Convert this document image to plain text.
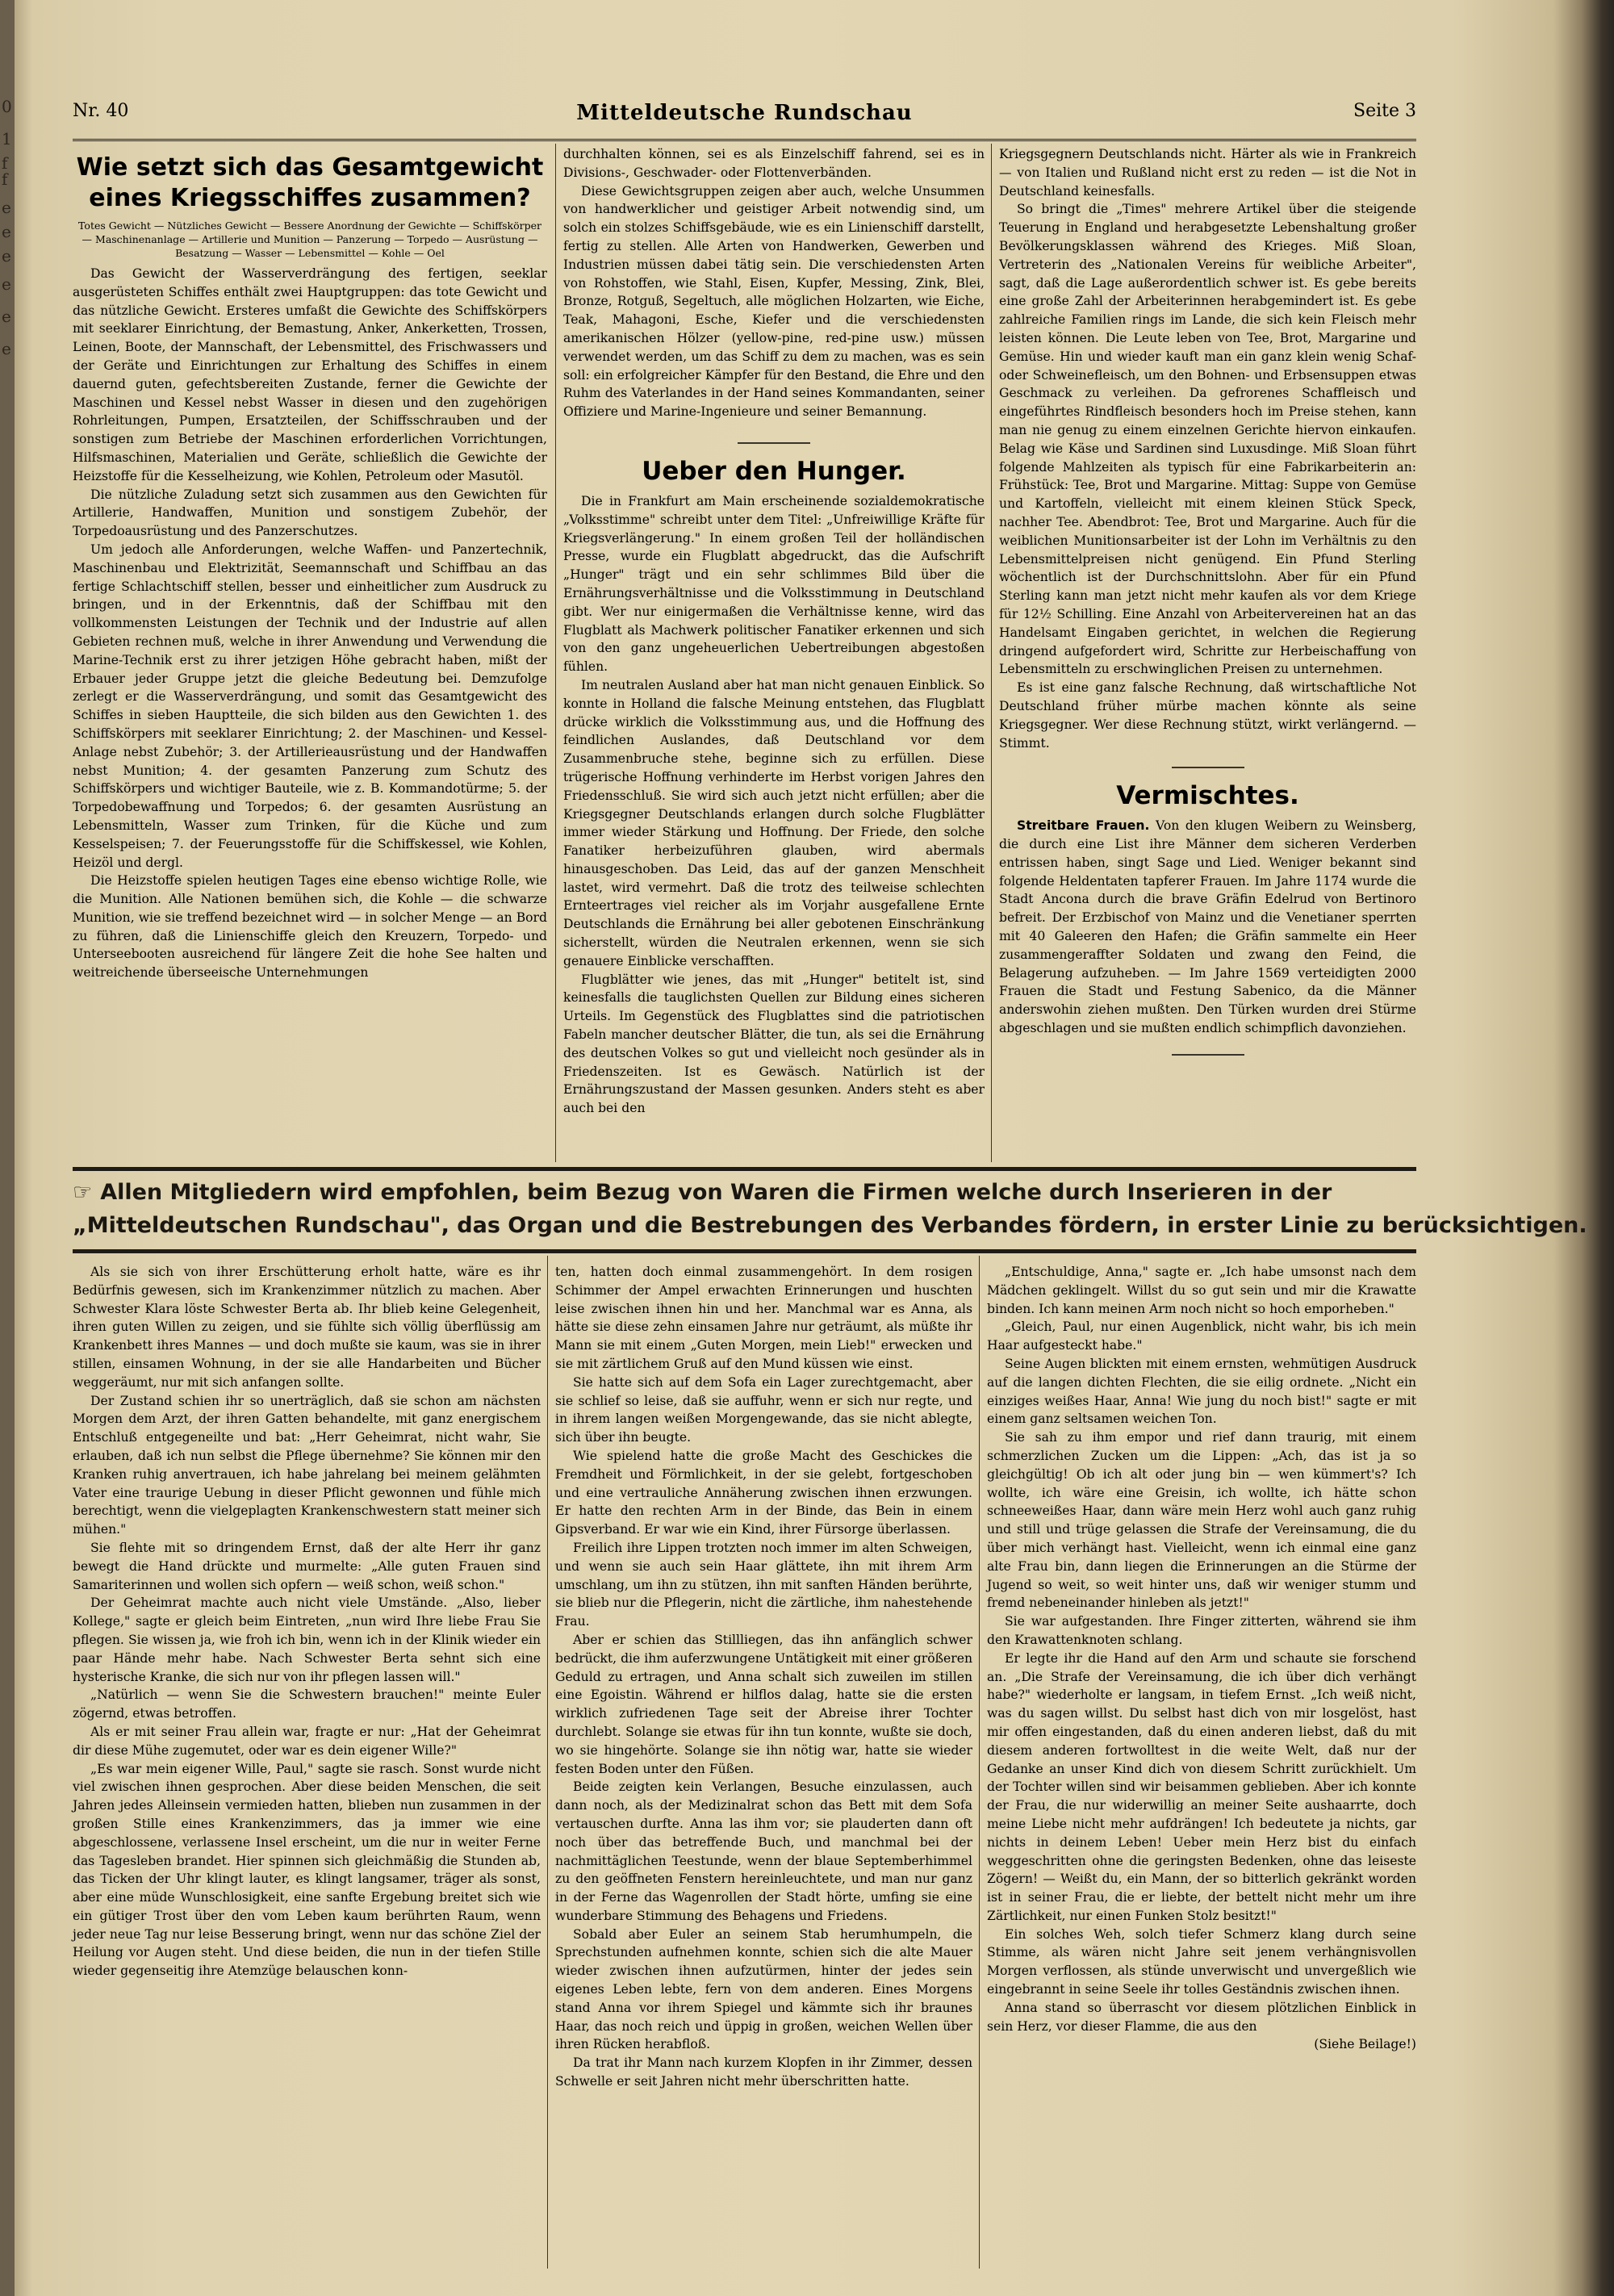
0
1
f
f
e
e
e
e
e
e
Nr. 40	Mitteldeutsche Rundschau	Seite 3
Wie setzt sich das Gesamtgewicht eines Kriegsschiffes zusammen?
Totes Gewicht — Nützliches Gewicht — Bessere Anordnung der Gewichte — Schiffskörper — Maschinenanlage — Artillerie und Munition — Panzerung — Torpedo — Ausrüstung — Besatzung — Wasser — Lebensmittel — Kohle — Oel

Das Gewicht der Wasserverdrängung des fertigen, seeklar ausgerüsteten Schiffes enthält zwei Hauptgruppen: das tote Gewicht und das nützliche Gewicht. Ersteres umfaßt die Gewichte des Schiffskörpers mit seeklarer Einrichtung, der Bemastung, Anker, Ankerketten, Trossen, Leinen, Boote, der Mannschaft, der Lebensmittel, des Frischwassers und der Geräte und Einrichtungen zur Erhaltung des Schiffes in einem dauernd guten, gefechtsbereiten Zustande, ferner die Gewichte der Maschinen und Kessel nebst Wasser in diesen und den zugehörigen Rohrleitungen, Pumpen, Ersatzteilen, der Schiffsschrauben und der sonstigen zum Betriebe der Maschinen erforderlichen Vorrichtungen, Hilfsmaschinen, Materialien und Geräte, schließlich die Gewichte der Heizstoffe für die Kesselheizung, wie Kohlen, Petroleum oder Masutöl.

Die nützliche Zuladung setzt sich zusammen aus den Gewichten für Artillerie, Handwaffen, Munition und sonstigem Zubehör, der Torpedoausrüstung und des Panzerschutzes.

Um jedoch alle Anforderungen, welche Waffen- und Panzertechnik, Maschinenbau und Elektrizität, Seemannschaft und Schiffbau an das fertige Schlachtschiff stellen, besser und einheitlicher zum Ausdruck zu bringen, und in der Erkenntnis, daß der Schiffbau mit den vollkommensten Leistungen der Technik und der Industrie auf allen Gebieten rechnen muß, welche in ihrer Anwendung und Verwendung die Marine-Technik erst zu ihrer jetzigen Höhe gebracht haben, mißt der Erbauer jeder Gruppe jetzt die gleiche Bedeutung bei. Demzufolge zerlegt er die Wasserverdrängung, und somit das Gesamtgewicht des Schiffes in sieben Hauptteile, die sich bilden aus den Gewichten 1. des Schiffskörpers mit seeklarer Einrichtung; 2. der Maschinen- und Kessel-Anlage nebst Zubehör; 3. der Artillerieausrüstung und der Handwaffen nebst Munition; 4. der gesamten Panzerung zum Schutz des Schiffskörpers und wichtiger Bauteile, wie z. B. Kommandotürme; 5. der Torpedobewaffnung und Torpedos; 6. der gesamten Ausrüstung an Lebensmitteln, Wasser zum Trinken, für die Küche und zum Kesselspeisen; 7. der Feuerungsstoffe für die Schiffskessel, wie Kohlen, Heizöl und dergl.

Die Heizstoffe spielen heutigen Tages eine ebenso wichtige Rolle, wie die Munition. Alle Nationen bemühen sich, die Kohle — die schwarze Munition, wie sie treffend bezeichnet wird — in solcher Menge — an Bord zu führen, daß die Linienschiffe gleich den Kreuzern, Torpedo- und Unterseebooten ausreichend für längere Zeit die hohe See halten und weitreichende überseeische Unternehmungen

durchhalten können, sei es als Einzelschiff fahrend, sei es in Divisions-, Geschwader- oder Flottenverbänden.

Diese Gewichtsgruppen zeigen aber auch, welche Unsummen von handwerklicher und geistiger Arbeit notwendig sind, um solch ein stolzes Schiffsgebäude, wie es ein Linienschiff darstellt, fertig zu stellen. Alle Arten von Handwerken, Gewerben und Industrien müssen dabei tätig sein. Die verschiedensten Arten von Rohstoffen, wie Stahl, Eisen, Kupfer, Messing, Zink, Blei, Bronze, Rotguß, Segeltuch, alle möglichen Holzarten, wie Eiche, Teak, Mahagoni, Esche, Kiefer und die verschiedensten amerikanischen Hölzer (yellow-pine, red-pine usw.) müssen verwendet werden, um das Schiff zu dem zu machen, was es sein soll: ein erfolgreicher Kämpfer für den Bestand, die Ehre und den Ruhm des Vaterlandes in der Hand seines Kommandanten, seiner Offiziere und Marine-Ingenieure und seiner Bemannung.

Ueber den Hunger.

Die in Frankfurt am Main erscheinende sozialdemokratische „Volksstimme" schreibt unter dem Titel: „Unfreiwillige Kräfte für Kriegsverlängerung." In einem großen Teil der holländischen Presse, wurde ein Flugblatt abgedruckt, das die Aufschrift „Hunger" trägt und ein sehr schlimmes Bild über die Ernährungsverhältnisse und die Volksstimmung in Deutschland gibt. Wer nur einigermaßen die Verhältnisse kenne, wird das Flugblatt als Machwerk politischer Fanatiker erkennen und sich von den ganz ungeheuerlichen Uebertreibungen abgestoßen fühlen.

Im neutralen Ausland aber hat man nicht genauen Einblick. So konnte in Holland die falsche Meinung entstehen, das Flugblatt drücke wirklich die Volksstimmung aus, und die Hoffnung des feindlichen Auslandes, daß Deutschland vor dem Zusammenbruche stehe, beginne sich zu erfüllen. Diese trügerische Hoffnung verhinderte im Herbst vorigen Jahres den Friedensschluß. Sie wird sich auch jetzt nicht erfüllen; aber die Kriegsgegner Deutschlands erlangen durch solche Flugblätter immer wieder Stärkung und Hoffnung. Der Friede, den solche Fanatiker herbeizuführen glauben, wird abermals hinausgeschoben. Das Leid, das auf der ganzen Menschheit lastet, wird vermehrt. Daß die trotz des teilweise schlechten Ernteertrages viel reicher als im Vorjahr ausgefallene Ernte Deutschlands die Ernährung bei aller gebotenen Einschränkung sicherstellt, würden die Neutralen erkennen, wenn sie sich genauere Einblicke verschafften.

Flugblätter wie jenes, das mit „Hunger" betitelt ist, sind keinesfalls die tauglichsten Quellen zur Bildung eines sicheren Urteils. Im Gegenstück des Flugblattes sind die patriotischen Fabeln mancher deutscher Blätter, die tun, als sei die Ernährung des deutschen Volkes so gut und vielleicht noch gesünder als in Friedenszeiten. Ist es Gewäsch. Natürlich ist der Ernährungszustand der Massen gesunken. Anders steht es aber auch bei den

Kriegsgegnern Deutschlands nicht. Härter als wie in Frankreich — von Italien und Rußland nicht erst zu reden — ist die Not in Deutschland keinesfalls.

So bringt die „Times" mehrere Artikel über die steigende Teuerung in England und herabgesetzte Lebenshaltung großer Bevölkerungsklassen während des Krieges. Miß Sloan, Vertreterin des „Nationalen Vereins für weibliche Arbeiter", sagt, daß die Lage außerordentlich schwer ist. Es gebe bereits eine große Zahl der Arbeiterinnen herabgemindert ist. Es gebe zahlreiche Familien rings im Lande, die sich kein Fleisch mehr leisten können. Die Leute leben von Tee, Brot, Margarine und Gemüse. Hin und wieder kauft man ein ganz klein wenig Schaf- oder Schweinefleisch, um den Bohnen- und Erbsensuppen etwas Geschmack zu verleihen. Da gefrorenes Schaffleisch und eingeführtes Rindfleisch besonders hoch im Preise stehen, kann man nie genug zu einem einzelnen Gerichte hiervon einkaufen. Belag wie Käse und Sardinen sind Luxusdinge. Miß Sloan führt folgende Mahlzeiten als typisch für eine Fabrikarbeiterin an: Frühstück: Tee, Brot und Margarine. Mittag: Suppe von Gemüse und Kartoffeln, vielleicht mit einem kleinen Stück Speck, nachher Tee. Abendbrot: Tee, Brot und Margarine. Auch für die weiblichen Munitionsarbeiter ist der Lohn im Verhältnis zu den Lebensmittelpreisen nicht genügend. Ein Pfund Sterling wöchentlich ist der Durchschnittslohn. Aber für ein Pfund Sterling kann man jetzt nicht mehr kaufen als vor dem Kriege für 12½ Schilling. Eine Anzahl von Arbeitervereinen hat an das Handelsamt Eingaben gerichtet, in welchen die Regierung dringend aufgefordert wird, Schritte zur Herbeischaffung von Lebensmitteln zu erschwinglichen Preisen zu unternehmen.

Es ist eine ganz falsche Rechnung, daß wirtschaftliche Not Deutschland früher mürbe machen könnte als seine Kriegsgegner. Wer diese Rechnung stützt, wirkt verlängernd. — Stimmt.

Vermischtes.

Streitbare Frauen. Von den klugen Weibern zu Weinsberg, die durch eine List ihre Männer dem sicheren Verderben entrissen haben, singt Sage und Lied. Weniger bekannt sind folgende Heldentaten tapferer Frauen. Im Jahre 1174 wurde die Stadt Ancona durch die brave Gräfin Edelrud von Bertinoro befreit. Der Erzbischof von Mainz und die Venetianer sperrten mit 40 Galeeren den Hafen; die Gräfin sammelte ein Heer zusammengeraffter Soldaten und zwang den Feind, die Belagerung aufzuheben. — Im Jahre 1569 verteidigten 2000 Frauen die Stadt und Festung Sabenico, da die Männer anderswohin ziehen mußten. Den Türken wurden drei Stürme abgeschlagen und sie mußten endlich schimpflich davonziehen.

☞ Allen Mitgliedern wird empfohlen, beim Bezug von Waren die Firmen welche durch Inserieren in der
„Mitteldeutschen Rundschau", das Organ und die Bestrebungen des Verbandes fördern, in erster Linie zu berücksichtigen.

Als sie sich von ihrer Erschütterung erholt hatte, wäre es ihr Bedürfnis gewesen, sich im Krankenzimmer nützlich zu machen. Aber Schwester Klara löste Schwester Berta ab. Ihr blieb keine Gelegenheit, ihren guten Willen zu zeigen, und sie fühlte sich völlig überflüssig am Krankenbett ihres Mannes — und doch mußte sie kaum, was sie in ihrer stillen, einsamen Wohnung, in der sie alle Handarbeiten und Bücher weggeräumt, nur mit sich anfangen sollte.

Der Zustand schien ihr so unerträglich, daß sie schon am nächsten Morgen dem Arzt, der ihren Gatten behandelte, mit ganz energischem Entschluß entgegeneilte und bat: „Herr Geheimrat, nicht wahr, Sie erlauben, daß ich nun selbst die Pflege übernehme? Sie können mir den Kranken ruhig anvertrauen, ich habe jahrelang bei meinem gelähmten Vater eine traurige Uebung in dieser Pflicht gewonnen und fühle mich berechtigt, wenn die vielgeplagten Krankenschwestern statt meiner sich mühen."

Sie flehte mit so dringendem Ernst, daß der alte Herr ihr ganz bewegt die Hand drückte und murmelte: „Alle guten Frauen sind Samariterinnen und wollen sich opfern — weiß schon, weiß schon."

Der Geheimrat machte auch nicht viele Umstände. „Also, lieber Kollege," sagte er gleich beim Eintreten, „nun wird Ihre liebe Frau Sie pflegen. Sie wissen ja, wie froh ich bin, wenn ich in der Klinik wieder ein paar Hände mehr habe. Nach Schwester Berta sehnt sich eine hysterische Kranke, die sich nur von ihr pflegen lassen will."

„Natürlich — wenn Sie die Schwestern brauchen!" meinte Euler zögernd, etwas betroffen.

Als er mit seiner Frau allein war, fragte er nur: „Hat der Geheimrat dir diese Mühe zugemutet, oder war es dein eigener Wille?"

„Es war mein eigener Wille, Paul," sagte sie rasch. Sonst wurde nicht viel zwischen ihnen gesprochen. Aber diese beiden Menschen, die seit Jahren jedes Alleinsein vermieden hatten, blieben nun zusammen in der großen Stille eines Krankenzimmers, das ja immer wie eine abgeschlossene, verlassene Insel erscheint, um die nur in weiter Ferne das Tagesleben brandet. Hier spinnen sich gleichmäßig die Stunden ab, das Ticken der Uhr klingt lauter, es klingt langsamer, träger als sonst, aber eine müde Wunschlosigkeit, eine sanfte Ergebung breitet sich wie ein gütiger Trost über den vom Leben kaum berührten Raum, wenn jeder neue Tag nur leise Besserung bringt, wenn nur das schöne Ziel der Heilung vor Augen steht. Und diese beiden, die nun in der tiefen Stille wieder gegenseitig ihre Atemzüge belauschen konn-

ten, hatten doch einmal zusammengehört. In dem rosigen Schimmer der Ampel erwachten Erinnerungen und huschten leise zwischen ihnen hin und her. Manchmal war es Anna, als hätte sie diese zehn einsamen Jahre nur geträumt, als müßte ihr Mann sie mit einem „Guten Morgen, mein Lieb!" erwecken und sie mit zärtlichem Gruß auf den Mund küssen wie einst.

Sie hatte sich auf dem Sofa ein Lager zurechtgemacht, aber sie schlief so leise, daß sie auffuhr, wenn er sich nur regte, und in ihrem langen weißen Morgengewande, das sie nicht ablegte, sich über ihn beugte.

Wie spielend hatte die große Macht des Geschickes die Fremdheit und Förmlichkeit, in der sie gelebt, fortgeschoben und eine vertrauliche Annäherung zwischen ihnen erzwungen. Er hatte den rechten Arm in der Binde, das Bein in einem Gipsverband. Er war wie ein Kind, ihrer Fürsorge überlassen.

Freilich ihre Lippen trotzten noch immer im alten Schweigen, und wenn sie auch sein Haar glättete, ihn mit ihrem Arm umschlang, um ihn zu stützen, ihn mit sanften Händen berührte, sie blieb nur die Pflegerin, nicht die zärtliche, ihm nahestehende Frau.

Aber er schien das Stillliegen, das ihn anfänglich schwer bedrückt, die ihm auferzwungene Untätigkeit mit einer größeren Geduld zu ertragen, und Anna schalt sich zuweilen im stillen eine Egoistin. Während er hilflos dalag, hatte sie die ersten wirklich zufriedenen Tage seit der Abreise ihrer Tochter durchlebt. Solange sie etwas für ihn tun konnte, wußte sie doch, wo sie hingehörte. Solange sie ihn nötig war, hatte sie wieder festen Boden unter den Füßen.

Beide zeigten kein Verlangen, Besuche einzulassen, auch dann noch, als der Medizinalrat schon das Bett mit dem Sofa vertauschen durfte. Anna las ihm vor; sie plauderten dann oft noch über das betreffende Buch, und manchmal bei der nachmittäglichen Teestunde, wenn der blaue Septemberhimmel zu den geöffneten Fenstern hereinleuchtete, und man nur ganz in der Ferne das Wagenrollen der Stadt hörte, umfing sie eine wunderbare Stimmung des Behagens und Friedens.

Sobald aber Euler an seinem Stab herumhumpeln, die Sprechstunden aufnehmen konnte, schien sich die alte Mauer wieder zwischen ihnen aufzutürmen, hinter der jedes sein eigenes Leben lebte, fern von dem anderen. Eines Morgens stand Anna vor ihrem Spiegel und kämmte sich ihr braunes Haar, das noch reich und üppig in großen, weichen Wellen über ihren Rücken herabfloß.

Da trat ihr Mann nach kurzem Klopfen in ihr Zimmer, dessen Schwelle er seit Jahren nicht mehr überschritten hatte.

„Entschuldige, Anna," sagte er. „Ich habe umsonst nach dem Mädchen geklingelt. Willst du so gut sein und mir die Krawatte binden. Ich kann meinen Arm noch nicht so hoch emporheben."

„Gleich, Paul, nur einen Augenblick, nicht wahr, bis ich mein Haar aufgesteckt habe."

Seine Augen blickten mit einem ernsten, wehmütigen Ausdruck auf die langen dichten Flechten, die sie eilig ordnete. „Nicht ein einziges weißes Haar, Anna! Wie jung du noch bist!" sagte er mit einem ganz seltsamen weichen Ton.

Sie sah zu ihm empor und rief dann traurig, mit einem schmerzlichen Zucken um die Lippen: „Ach, das ist ja so gleichgültig! Ob ich alt oder jung bin — wen kümmert's? Ich wollte, ich wäre eine Greisin, ich wollte, ich hätte schon schneeweißes Haar, dann wäre mein Herz wohl auch ganz ruhig und still und trüge gelassen die Strafe der Vereinsamung, die du über mich verhängt hast. Vielleicht, wenn ich einmal eine ganz alte Frau bin, dann liegen die Erinnerungen an die Stürme der Jugend so weit, so weit hinter uns, daß wir weniger stumm und fremd nebeneinander hinleben als jetzt!"

Sie war aufgestanden. Ihre Finger zitterten, während sie ihm den Krawattenknoten schlang.

Er legte ihr die Hand auf den Arm und schaute sie forschend an. „Die Strafe der Vereinsamung, die ich über dich verhängt habe?" wiederholte er langsam, in tiefem Ernst. „Ich weiß nicht, was du sagen willst. Du selbst hast dich von mir losgelöst, hast mir offen eingestanden, daß du einen anderen liebst, daß du mit diesem anderen fortwolltest in die weite Welt, daß nur der Gedanke an unser Kind dich von diesem Schritt zurückhielt. Um der Tochter willen sind wir beisammen geblieben. Aber ich konnte der Frau, die nur widerwillig an meiner Seite aushaarrte, doch meine Liebe nicht mehr aufdrängen! Ich bedeutete ja nichts, gar nichts in deinem Leben! Ueber mein Herz bist du einfach weggeschritten ohne die geringsten Bedenken, ohne das leiseste Zögern! — Weißt du, ein Mann, der so bitterlich gekränkt worden ist in seiner Frau, die er liebte, der bettelt nicht mehr um ihre Zärtlichkeit, nur einen Funken Stolz besitzt!"

Ein solches Weh, solch tiefer Schmerz klang durch seine Stimme, als wären nicht Jahre seit jenem verhängnisvollen Morgen verflossen, als stünde unverwischt und unvergeßlich wie eingebrannt in seine Seele ihr tolles Geständnis zwischen ihnen.

Anna stand so überrascht vor diesem plötzlichen Einblick in sein Herz, vor dieser Flamme, die aus den

(Siehe Beilage!)
